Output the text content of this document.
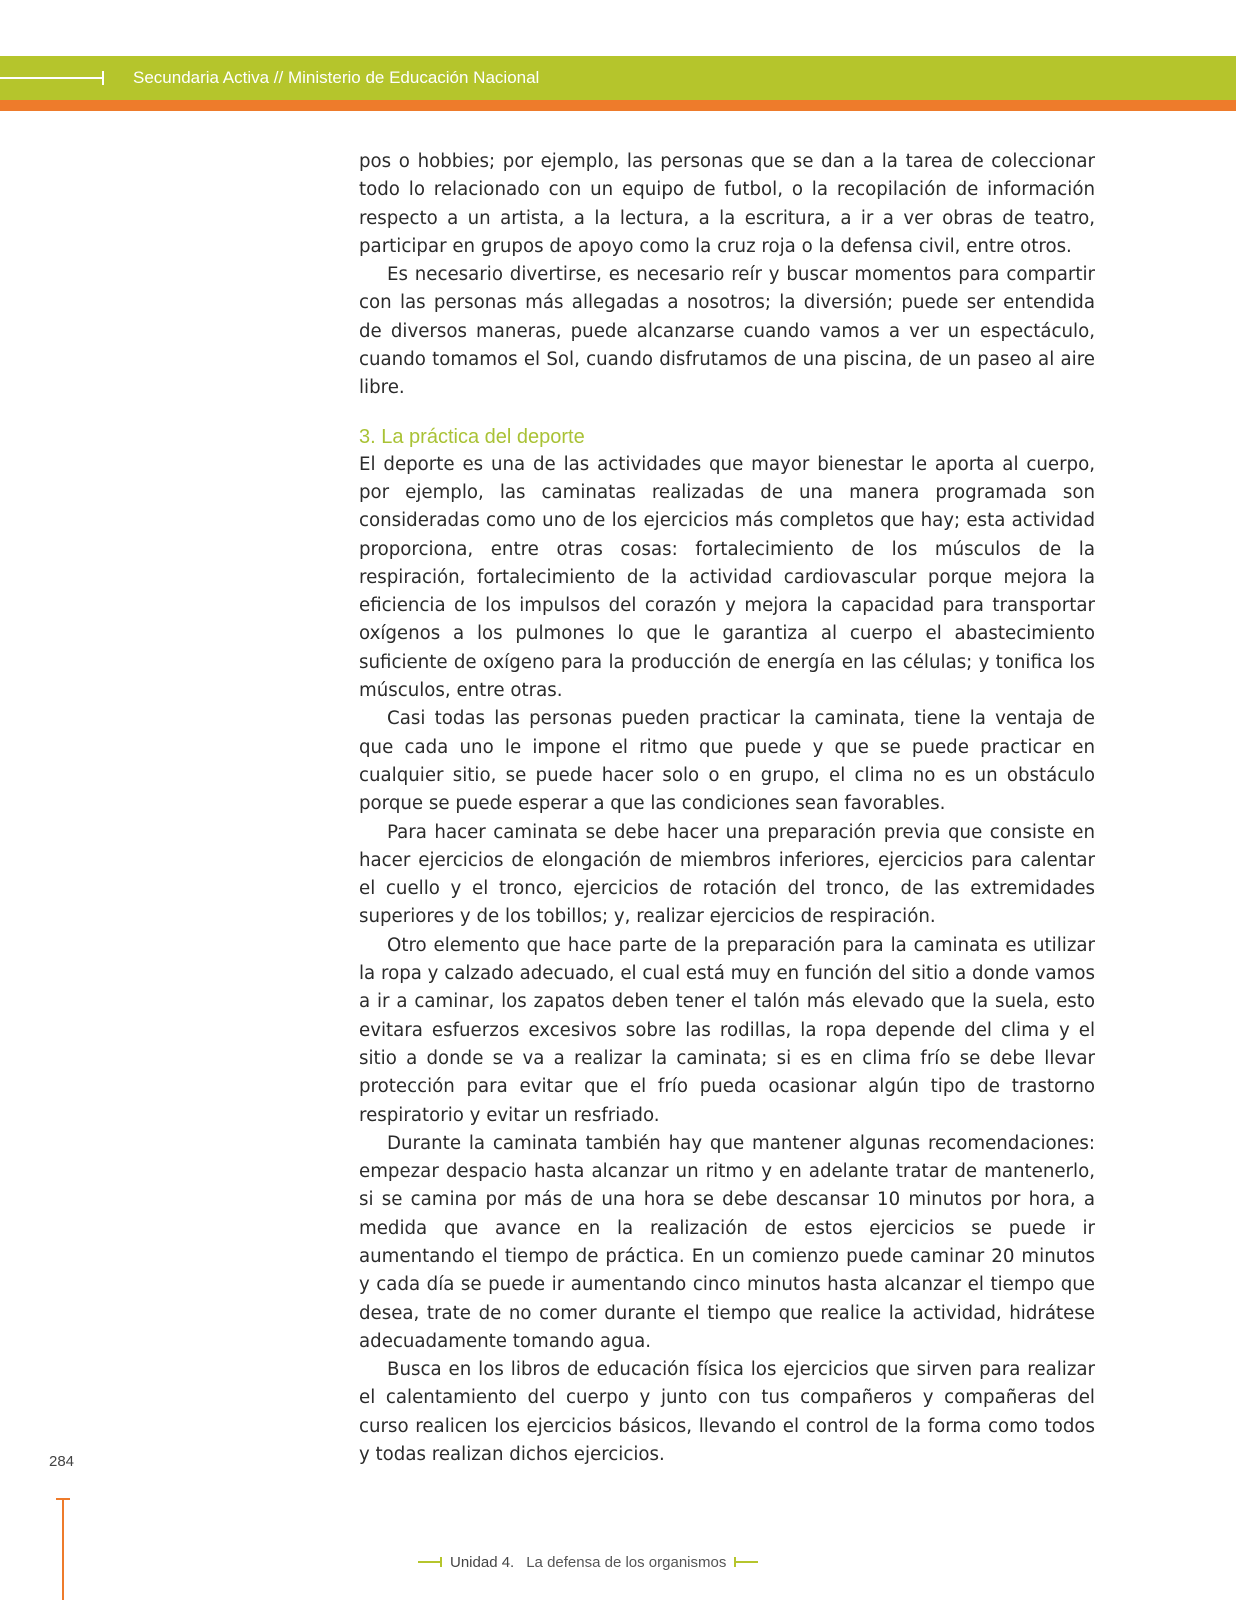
Secundaria Activa // Ministerio de Educación Nacional

pos o hobbies; por ejemplo, las personas que se dan a la tarea de coleccionar todo lo relacionado con un equipo de futbol, o la recopilación de información respecto a un artista, a la lectura, a la escritura, a ir a ver obras de teatro, participar en grupos de apoyo como la cruz roja o la defensa civil, entre otros.

Es necesario divertirse, es necesario reír y buscar momentos para compartir con las personas más allegadas a nosotros; la diversión; puede ser entendida de diversos maneras, puede alcanzarse cuando vamos a ver un espectáculo, cuando tomamos el Sol, cuando disfrutamos de una piscina, de un paseo al aire libre.

3. La práctica del deporte

El deporte es una de las actividades que mayor bienestar le aporta al cuerpo, por ejemplo, las caminatas realizadas de una manera programada son consideradas como uno de los ejercicios más completos que hay; esta actividad proporciona, entre otras cosas: fortalecimiento de los músculos de la respiración, fortalecimiento de la actividad cardiovascular porque mejora la eficiencia de los impulsos del corazón y mejora la capacidad para transportar oxígenos a los pulmones lo que le garantiza al cuerpo el abastecimiento suficiente de oxígeno para la producción de energía en las células; y tonifica los músculos, entre otras.

Casi todas las personas pueden practicar la caminata, tiene la ventaja de que cada uno le impone el ritmo que puede y que se puede practicar en cualquier sitio, se puede hacer solo o en grupo, el clima no es un obstáculo porque se puede esperar a que las condiciones sean favorables.

Para hacer caminata se debe hacer una preparación previa que consiste en hacer ejercicios de elongación de miembros inferiores, ejercicios para calentar el cuello y el tronco, ejercicios de rotación del tronco, de las extremidades superiores y de los tobillos; y, realizar ejercicios de respiración.

Otro elemento que hace parte de la preparación para la caminata es utilizar la ropa y calzado adecuado, el cual está muy en función del sitio a donde vamos a ir a caminar, los zapatos deben tener el talón más elevado que la suela, esto evitara esfuerzos excesivos sobre las rodillas, la ropa depende del clima y el sitio a donde se va a realizar la caminata; si es en clima frío se debe llevar protección para evitar que el frío pueda ocasionar algún tipo de trastorno respiratorio y evitar un resfriado.

Durante la caminata también hay que mantener algunas recomendaciones: empezar despacio hasta alcanzar un ritmo y en adelante tratar de mantenerlo, si se camina por más de una hora se debe descansar 10 minutos por hora, a medida que avance en la realización de estos ejercicios se puede ir aumentando el tiempo de práctica. En un comienzo puede caminar 20 minutos y cada día se puede ir aumentando cinco minutos hasta alcanzar el tiempo que desea, trate de no comer durante el tiempo que realice la actividad, hidrátese adecuadamente tomando agua.

Busca en los libros de educación física los ejercicios que sirven para realizar el calentamiento del cuerpo y junto con tus compañeros y compañeras del curso realicen los ejercicios básicos, llevando el control de la forma como todos y todas realizan dichos ejercicios.

284
Unidad 4. La defensa de los organismos
